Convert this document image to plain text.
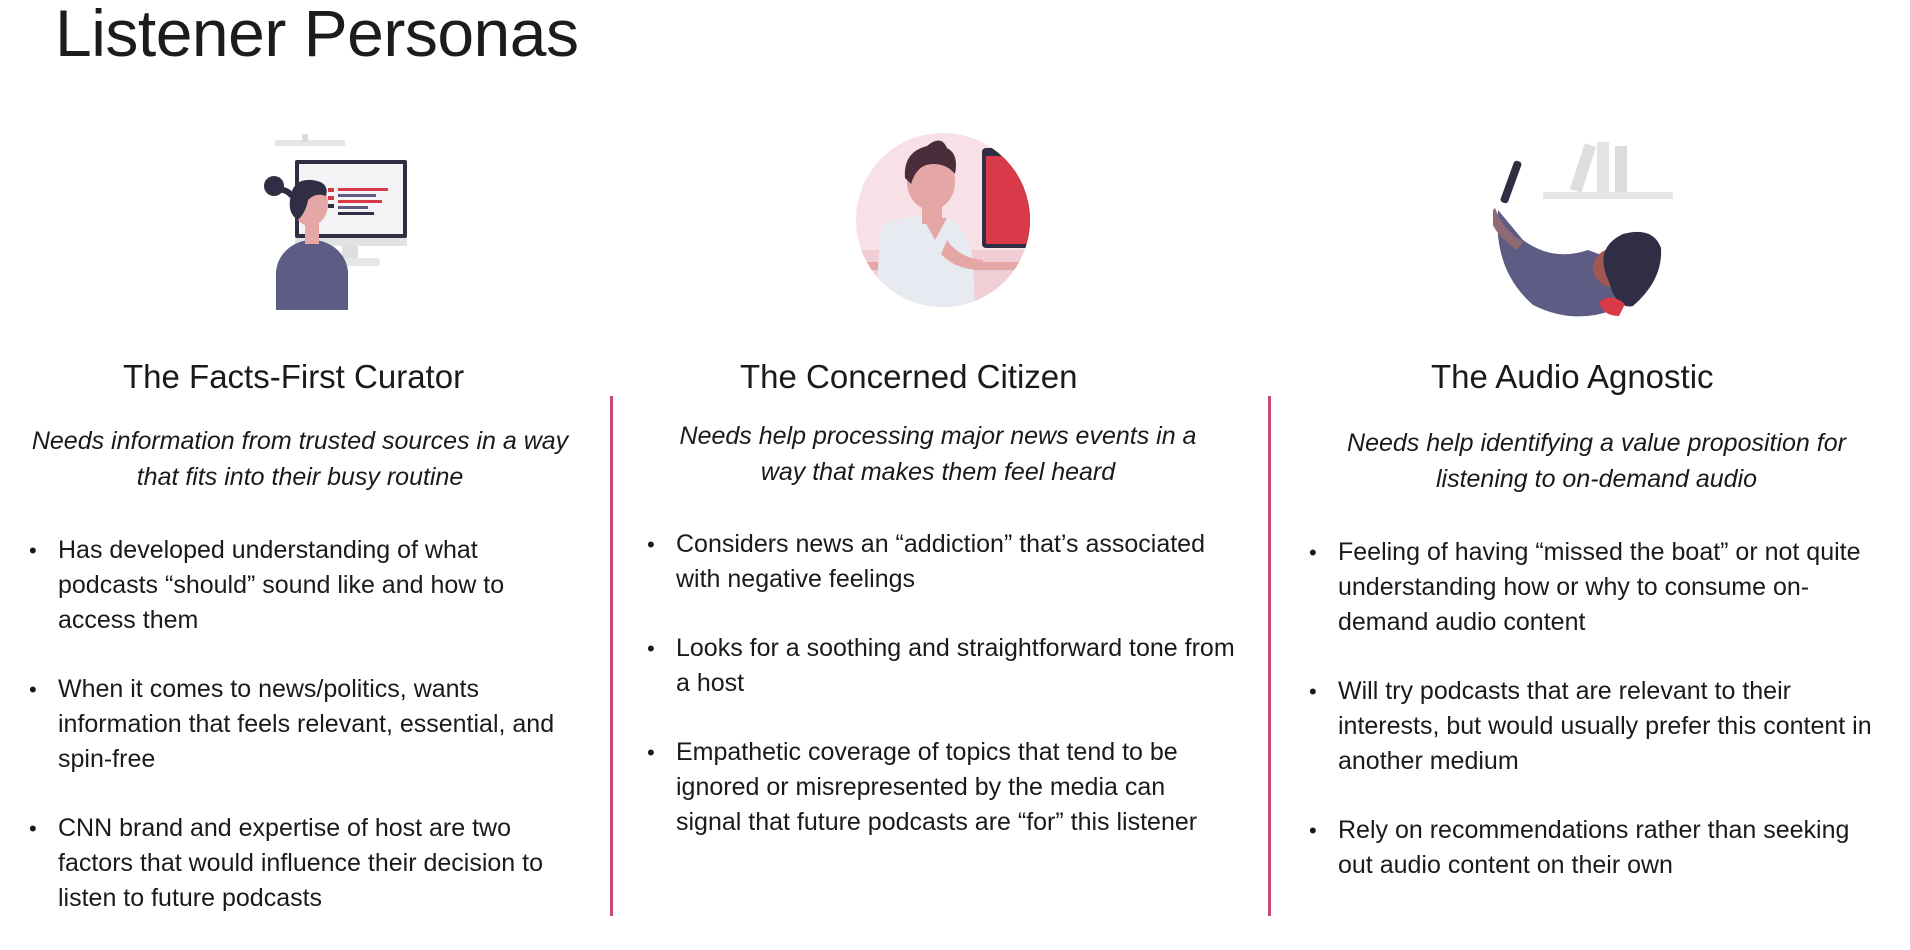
Listener Personas
The Facts-First Curator

Needs information from trusted sources in a way that fits into their busy routine

• Has developed understanding of what podcasts “should” sound like and how to access them
• When it comes to news/politics, wants information that feels relevant, essential, and spin-free
• CNN brand and expertise of host are two factors that would influence their decision to listen to future podcasts
The Concerned Citizen

Needs help processing major news events in a way that makes them feel heard

• Considers news an “addiction” that’s associated with negative feelings
• Looks for a soothing and straightforward tone from a host
• Empathetic coverage of topics that tend to be ignored or misrepresented by the media can signal that future podcasts are “for” this listener
The Audio Agnostic

Needs help identifying a value proposition for listening to on-demand audio

• Feeling of having “missed the boat” or not quite understanding how or why to consume on-demand audio content
• Will try podcasts that are relevant to their interests, but would usually prefer this content in another medium
• Rely on recommendations rather than seeking out audio content on their own
